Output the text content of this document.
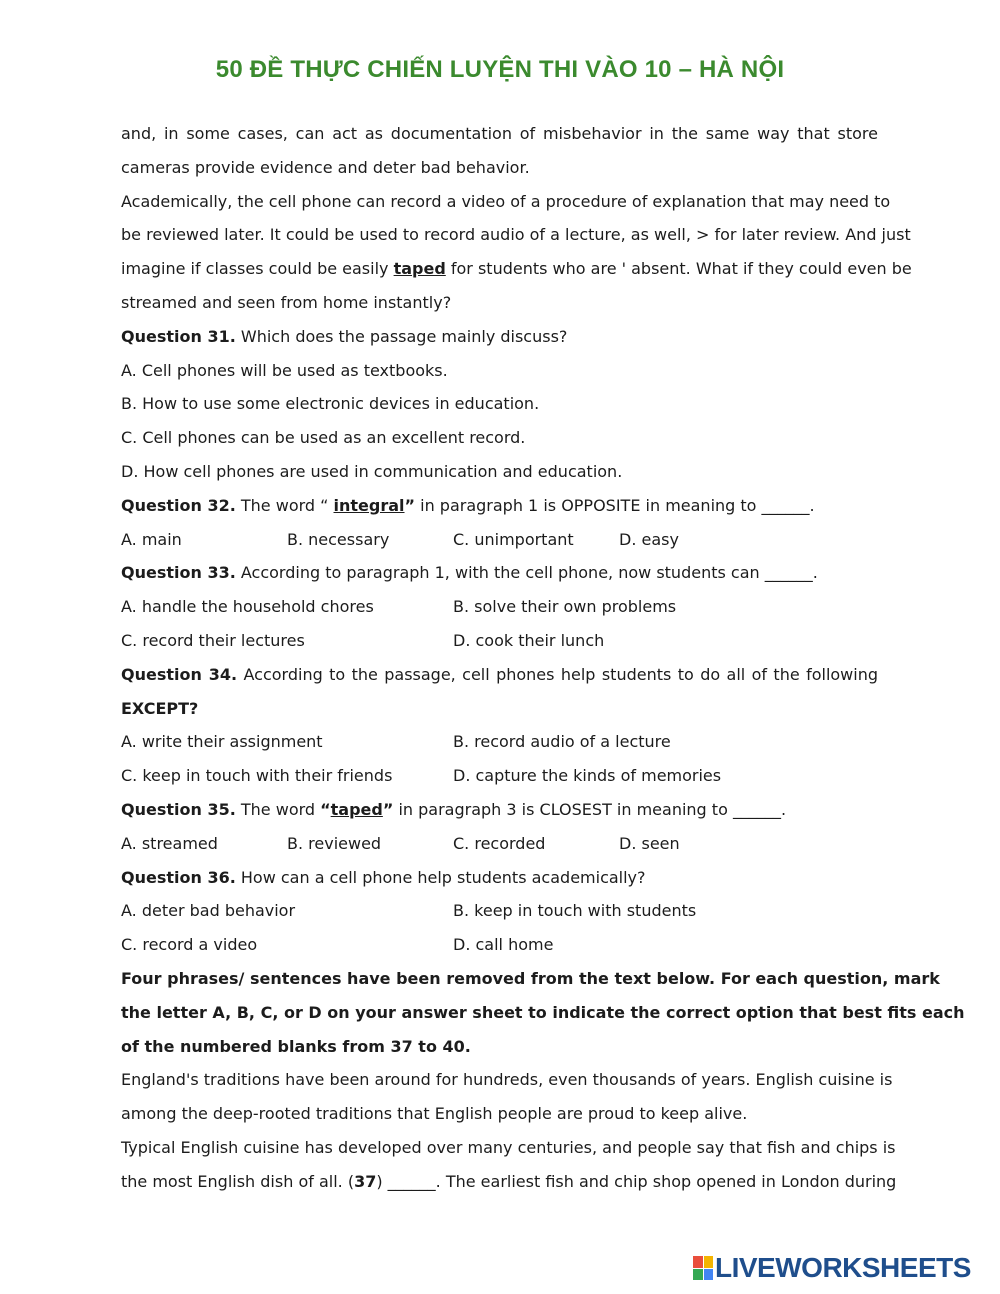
50 ĐỀ THỰC CHIẾN LUYỆN THI VÀO 10 – HÀ NỘI
and, in some cases, can act as documentation of misbehavior in the same way that store
cameras provide evidence and deter bad behavior.
Academically, the cell phone can record a video of a procedure of explanation that may need to
be reviewed later. It could be used to record audio of a lecture, as well, > for later review. And just
imagine if classes could be easily taped for students who are ' absent. What if they could even be
streamed and seen from home instantly?
Question 31. Which does the passage mainly discuss?
A. Cell phones will be used as textbooks.
B. How to use some electronic devices in education.
C. Cell phones can be used as an excellent record.
D. How cell phones are used in communication and education.
Question 32. The word “ integral” in paragraph 1 is OPPOSITE in meaning to ______.
A. main	B. necessary	C. unimportant	D. easy
Question 33. According to paragraph 1, with the cell phone, now students can ______.
A. handle the household chores	B. solve their own problems
C. record their lectures	D. cook their lunch
Question 34. According to the passage, cell phones help students to do all of the following
EXCEPT?
A. write their assignment	B. record audio of a lecture
C. keep in touch with their friends	D. capture the kinds of memories
Question 35. The word “taped” in paragraph 3 is CLOSEST in meaning to ______.
A. streamed	B. reviewed	C. recorded	D. seen
Question 36. How can a cell phone help students academically?
A. deter bad behavior	B. keep in touch with students
C. record a video	D. call home
Four phrases/ sentences have been removed from the text below. For each question, mark
the letter A, B, C, or D on your answer sheet to indicate the correct option that best fits each
of the numbered blanks from 37 to 40.
England's traditions have been around for hundreds, even thousands of years. English cuisine is
among the deep-rooted traditions that English people are proud to keep alive.
Typical English cuisine has developed over many centuries, and people say that fish and chips is
the most English dish of all. (37) ______. The earliest fish and chip shop opened in London during
LIVEWORKSHEETS
